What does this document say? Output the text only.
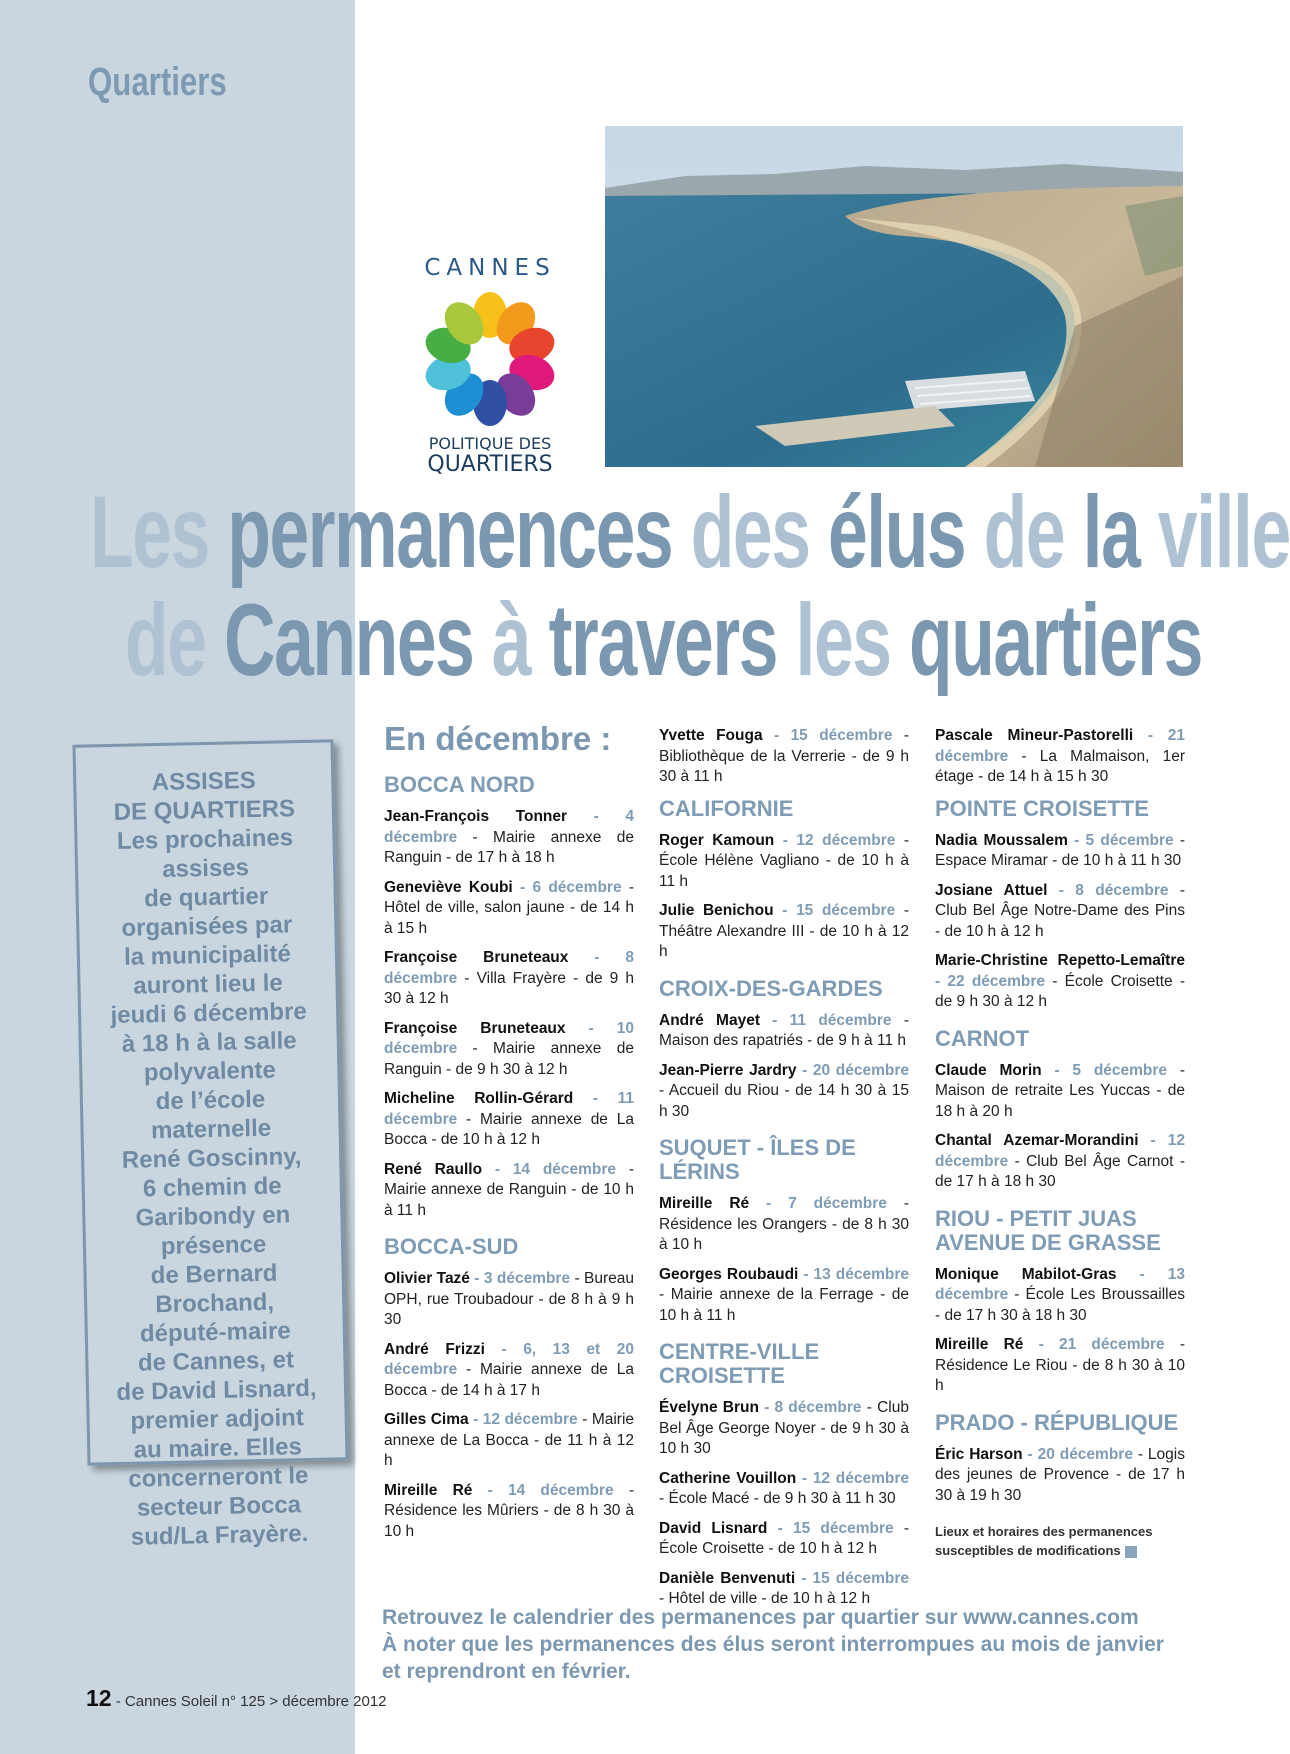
Quartiers
CANNES
POLITIQUE DES
QUARTIERS
Les permanences des élus de la ville
de Cannes à travers les quartiers
ASSISES
DE QUARTIERS
Les prochaines
assises
de quartier
organisées par
la municipalité
auront lieu le
jeudi 6 décembre
à 18 h à la salle
polyvalente
de l’école
maternelle
René Goscinny,
6 chemin de
Garibondy en
présence
de Bernard
Brochand,
député-maire
de Cannes, et
de David Lisnard,
premier adjoint
au maire. Elles
concerneront le
secteur Bocca
sud/La Frayère.
En décembre :
BOCCA NORD
Jean-François Tonner - 4 décembre - Mairie annexe de Ranguin - de 17 h à 18 h
Geneviève Koubi - 6 décembre - Hôtel de ville, salon jaune - de 14 h à 15 h
Françoise Bruneteaux - 8 décembre - Villa Frayère - de 9 h 30 à 12 h
Françoise Bruneteaux - 10 décembre - Mairie annexe de Ranguin - de 9 h 30 à 12 h
Micheline Rollin-Gérard - 11 décembre - Mairie annexe de La Bocca - de 10 h à 12 h
René Raullo - 14 décembre - Mairie annexe de Ranguin - de 10 h à 11 h
BOCCA-SUD
Olivier Tazé - 3 décembre - Bureau OPH, rue Troubadour - de 8 h à 9 h 30
André Frizzi - 6, 13 et 20 décembre - Mairie annexe de La Bocca - de 14 h à 17 h
Gilles Cima - 12 décembre - Mairie annexe de La Bocca - de 11 h à 12 h
Mireille Ré - 14 décembre - Résidence les Mûriers - de 8 h 30 à 10 h
Yvette Fouga - 15 décembre - Bibliothèque de la Verrerie - de 9 h 30 à 11 h
CALIFORNIE
Roger Kamoun - 12 décembre - École Hélène Vagliano - de 10 h à 11 h
Julie Benichou - 15 décembre - Théâtre Alexandre III - de 10 h à 12 h
CROIX-DES-GARDES
André Mayet - 11 décembre - Maison des rapatriés - de 9 h à 11 h
Jean-Pierre Jardry - 20 décembre - Accueil du Riou - de 14 h 30 à 15 h 30
SUQUET - ÎLES DE LÉRINS
Mireille Ré - 7 décembre - Résidence les Orangers - de 8 h 30 à 10 h
Georges Roubaudi - 13 décembre - Mairie annexe de la Ferrage - de 10 h à 11 h
CENTRE-VILLE CROISETTE
Évelyne Brun - 8 décembre - Club Bel Âge George Noyer - de 9 h 30 à 10 h 30
Catherine Vouillon - 12 décembre - École Macé - de 9 h 30 à 11 h 30
David Lisnard - 15 décembre - École Croisette - de 10 h à 12 h
Danièle Benvenuti - 15 décembre - Hôtel de ville - de 10 h à 12 h
Pascale Mineur-Pastorelli - 21 décembre - La Malmaison, 1er étage - de 14 h à 15 h 30
POINTE CROISETTE
Nadia Moussalem - 5 décembre - Espace Miramar - de 10 h à 11 h 30
Josiane Attuel - 8 décembre - Club Bel Âge Notre-Dame des Pins - de 10 h à 12 h
Marie-Christine Repetto-Lemaître - 22 décembre - École Croisette - de 9 h 30 à 12 h
CARNOT
Claude Morin - 5 décembre - Maison de retraite Les Yuccas - de 18 h à 20 h
Chantal Azemar-Morandini - 12 décembre - Club Bel Âge Carnot - de 17 h à 18 h 30
RIOU - PETIT JUAS AVENUE DE GRASSE
Monique Mabilot-Gras - 13 décembre - École Les Broussailles - de 17 h 30 à 18 h 30
Mireille Ré - 21 décembre - Résidence Le Riou - de 8 h 30 à 10 h
PRADO - RÉPUBLIQUE
Éric Harson - 20 décembre - Logis des jeunes de Provence - de 17 h 30 à 19 h 30
Lieux et horaires des permanences susceptibles de modifications
Retrouvez le calendrier des permanences par quartier sur www.cannes.com
À noter que les permanences des élus seront interrompues au mois de janvier
et reprendront en février.
12 - Cannes Soleil n° 125 > décembre 2012
